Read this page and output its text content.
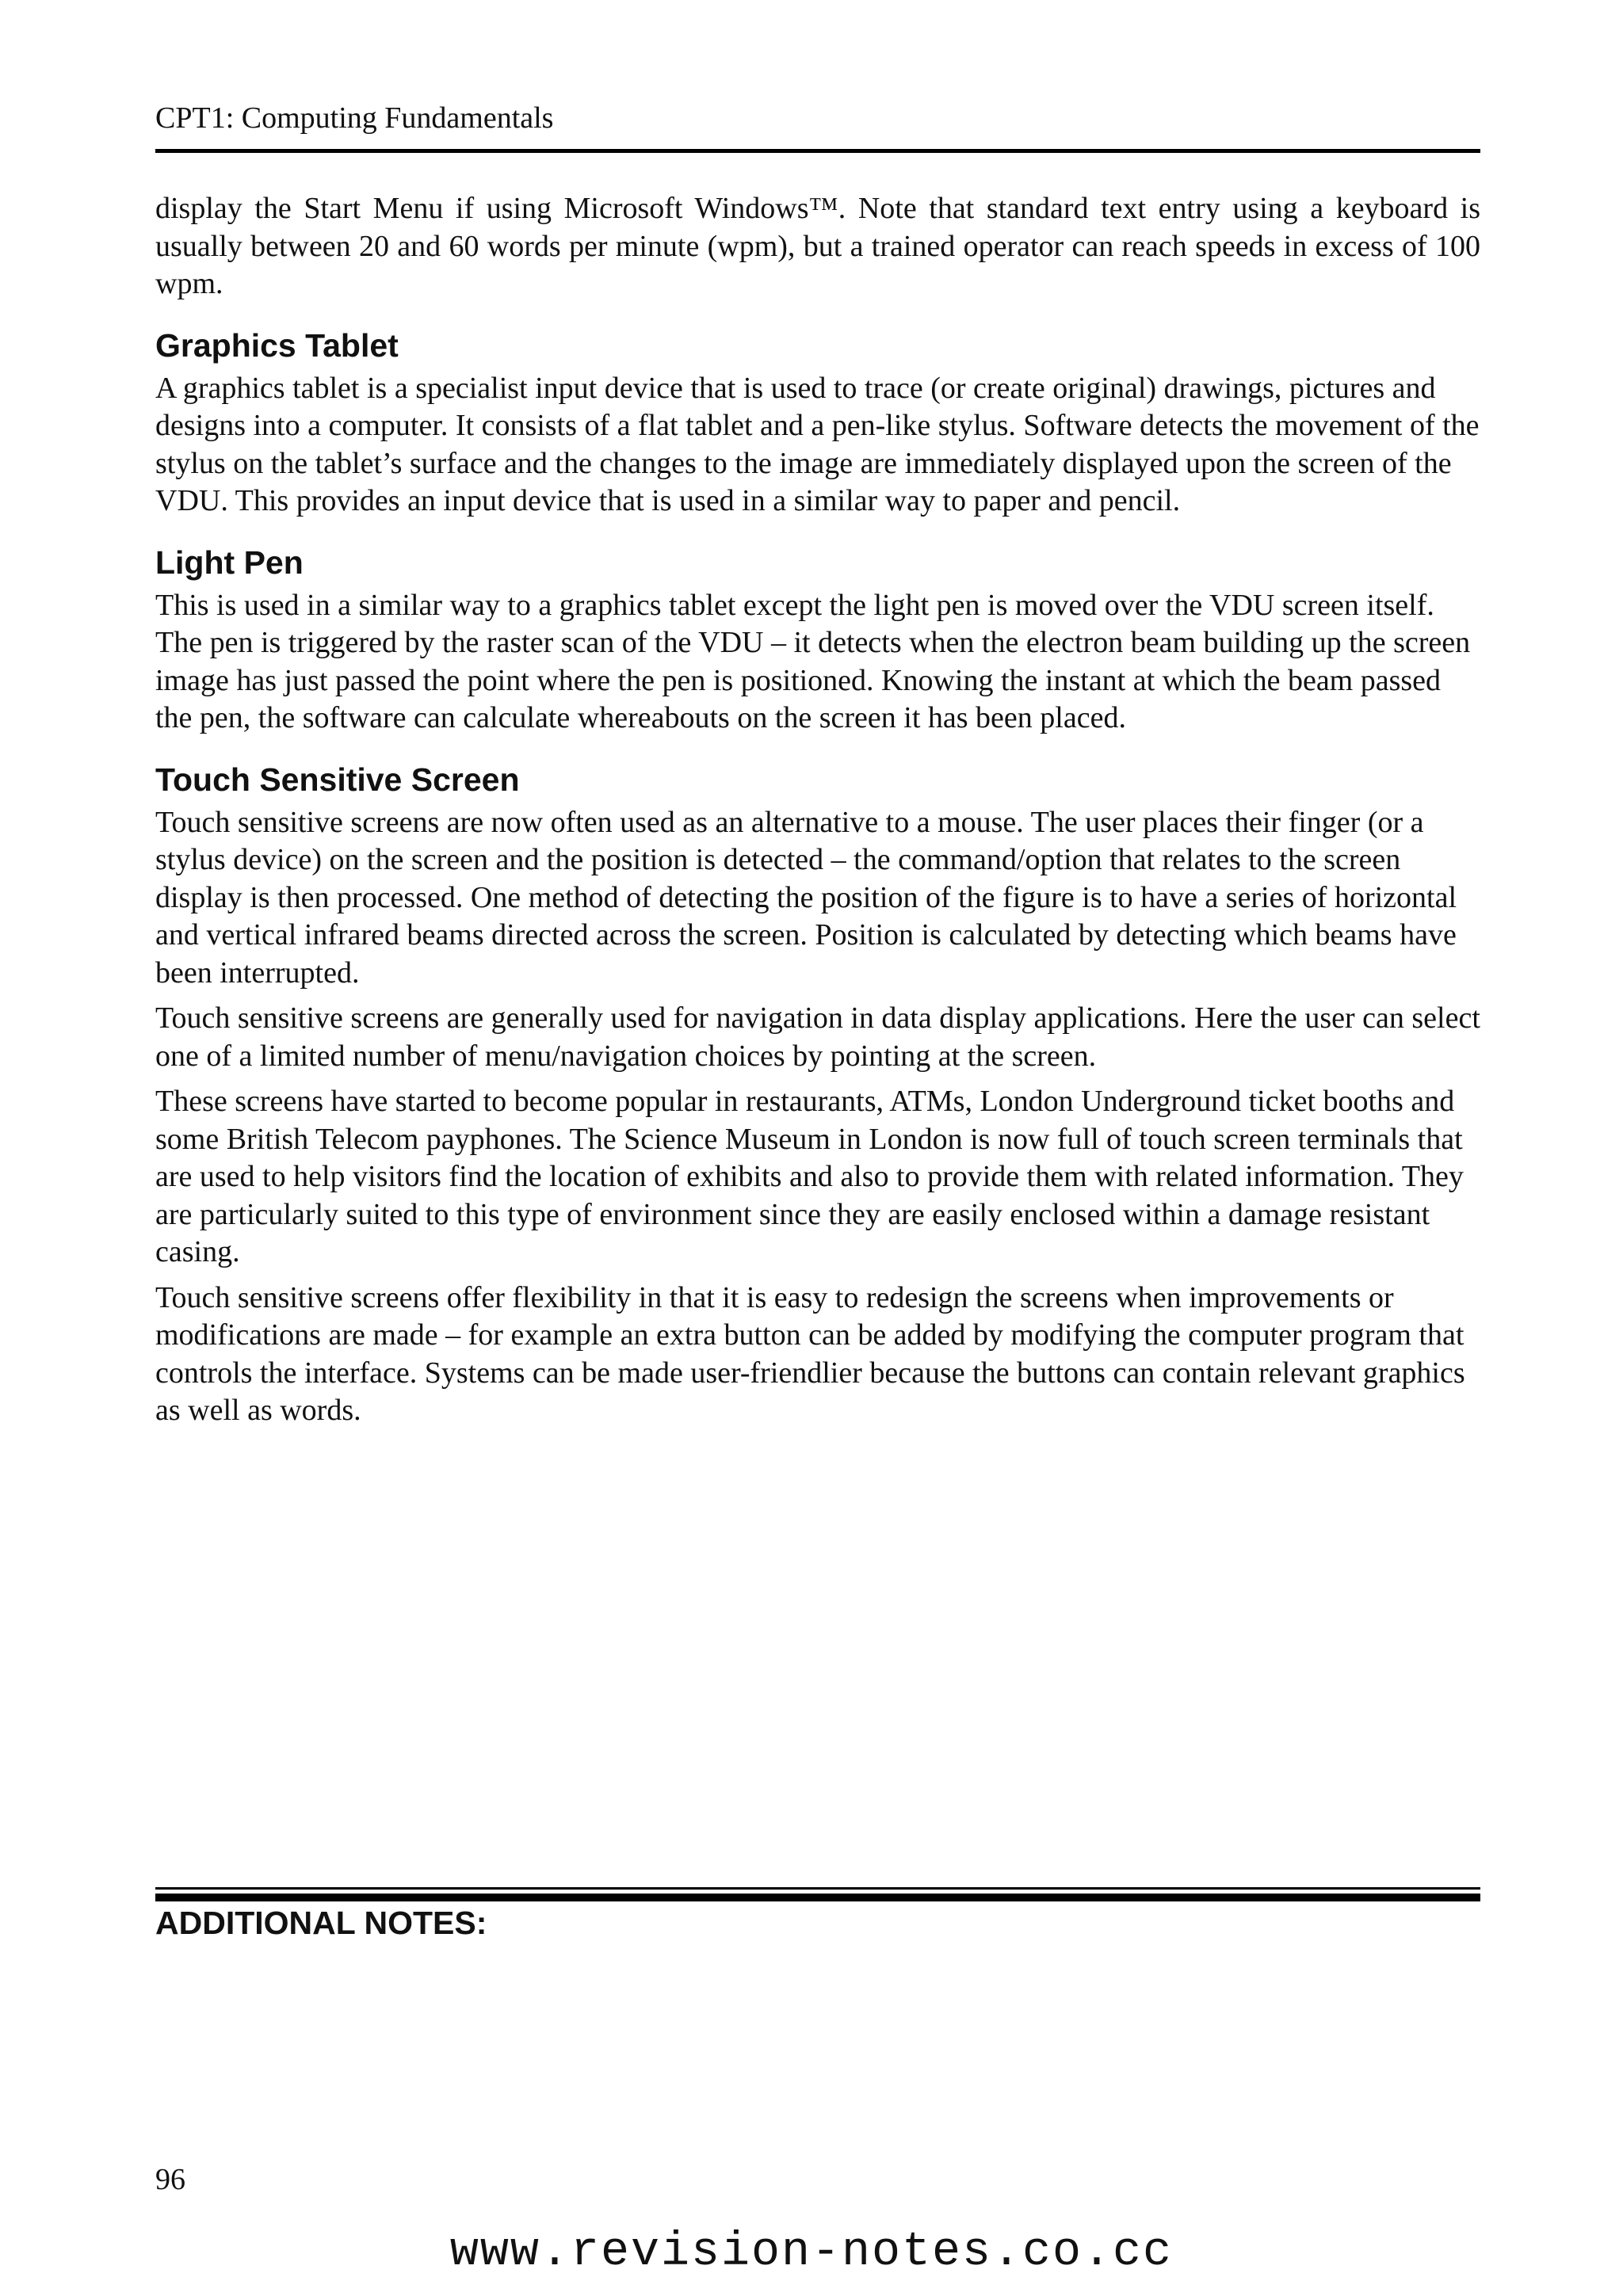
CPT1: Computing Fundamentals

display the Start Menu if using Microsoft Windows™. Note that standard text entry using a keyboard is usually between 20 and 60 words per minute (wpm), but a trained operator can reach speeds in excess of 100 wpm.

Graphics Tablet

A graphics tablet is a specialist input device that is used to trace (or create original) drawings, pictures and designs into a computer. It consists of a flat tablet and a pen-like stylus. Software detects the movement of the stylus on the tablet’s surface and the changes to the image are immediately displayed upon the screen of the VDU. This provides an input device that is used in a similar way to paper and pencil.

Light Pen

This is used in a similar way to a graphics tablet except the light pen is moved over the VDU screen itself. The pen is triggered by the raster scan of the VDU – it detects when the electron beam building up the screen image has just passed the point where the pen is positioned. Knowing the instant at which the beam passed the pen, the software can calculate whereabouts on the screen it has been placed.

Touch Sensitive Screen

Touch sensitive screens are now often used as an alternative to a mouse. The user places their finger (or a stylus device) on the screen and the position is detected – the command/option that relates to the screen display is then processed. One method of detecting the position of the figure is to have a series of horizontal and vertical infrared beams directed across the screen. Position is calculated by detecting which beams have been interrupted.

Touch sensitive screens are generally used for navigation in data display applications. Here the user can select one of a limited number of menu/navigation choices by pointing at the screen.

These screens have started to become popular in restaurants, ATMs, London Underground ticket booths and some British Telecom payphones. The Science Museum in London is now full of touch screen terminals that are used to help visitors find the location of exhibits and also to provide them with related information. They are particularly suited to this type of environment since they are easily enclosed within a damage resistant casing.

Touch sensitive screens offer flexibility in that it is easy to redesign the screens when improvements or modifications are made – for example an extra button can be added by modifying the computer program that controls the interface. Systems can be made user-friendlier because the buttons can contain relevant graphics as well as words.

ADDITIONAL NOTES:
96
www.revision-notes.co.cc
